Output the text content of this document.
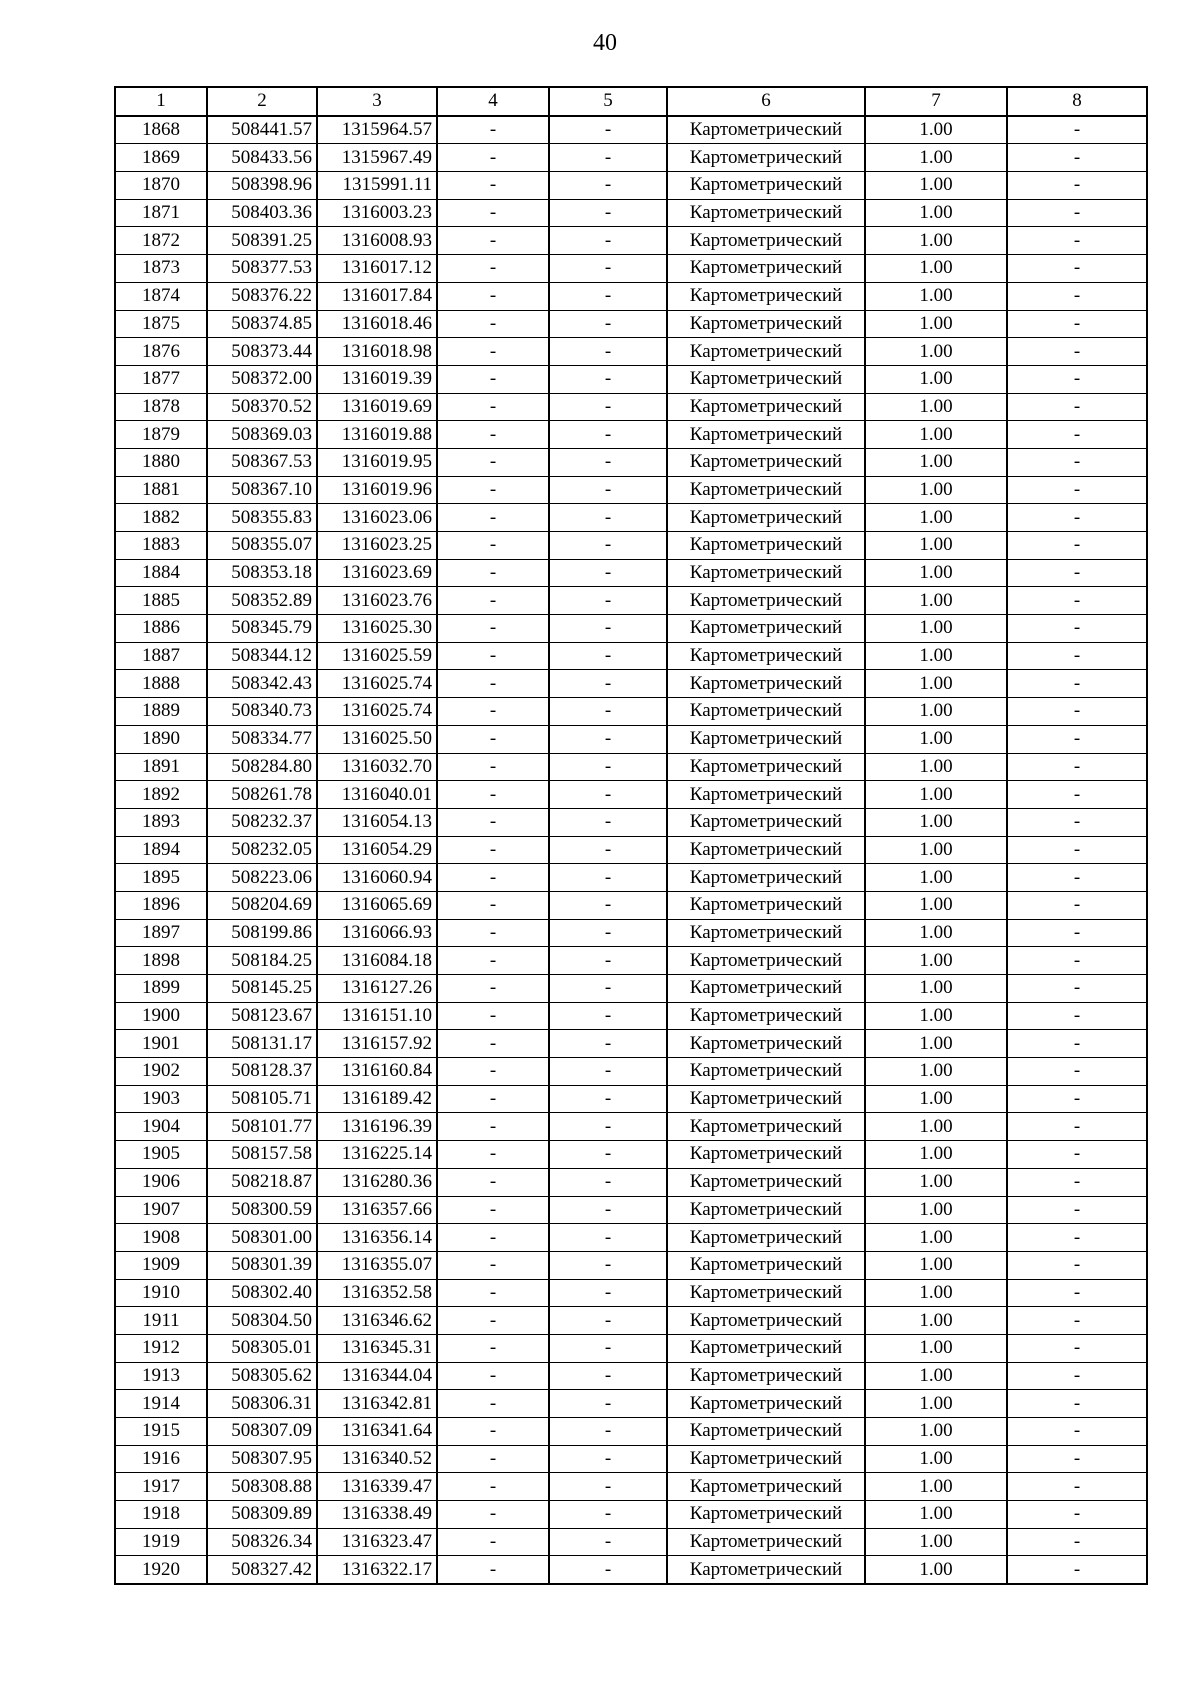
40
1	2	3	4	5	6	7	8
1868	508441.57	1315964.57	-	-	Картометрический	1.00	-
1869	508433.56	1315967.49	-	-	Картометрический	1.00	-
1870	508398.96	1315991.11	-	-	Картометрический	1.00	-
1871	508403.36	1316003.23	-	-	Картометрический	1.00	-
1872	508391.25	1316008.93	-	-	Картометрический	1.00	-
1873	508377.53	1316017.12	-	-	Картометрический	1.00	-
1874	508376.22	1316017.84	-	-	Картометрический	1.00	-
1875	508374.85	1316018.46	-	-	Картометрический	1.00	-
1876	508373.44	1316018.98	-	-	Картометрический	1.00	-
1877	508372.00	1316019.39	-	-	Картометрический	1.00	-
1878	508370.52	1316019.69	-	-	Картометрический	1.00	-
1879	508369.03	1316019.88	-	-	Картометрический	1.00	-
1880	508367.53	1316019.95	-	-	Картометрический	1.00	-
1881	508367.10	1316019.96	-	-	Картометрический	1.00	-
1882	508355.83	1316023.06	-	-	Картометрический	1.00	-
1883	508355.07	1316023.25	-	-	Картометрический	1.00	-
1884	508353.18	1316023.69	-	-	Картометрический	1.00	-
1885	508352.89	1316023.76	-	-	Картометрический	1.00	-
1886	508345.79	1316025.30	-	-	Картометрический	1.00	-
1887	508344.12	1316025.59	-	-	Картометрический	1.00	-
1888	508342.43	1316025.74	-	-	Картометрический	1.00	-
1889	508340.73	1316025.74	-	-	Картометрический	1.00	-
1890	508334.77	1316025.50	-	-	Картометрический	1.00	-
1891	508284.80	1316032.70	-	-	Картометрический	1.00	-
1892	508261.78	1316040.01	-	-	Картометрический	1.00	-
1893	508232.37	1316054.13	-	-	Картометрический	1.00	-
1894	508232.05	1316054.29	-	-	Картометрический	1.00	-
1895	508223.06	1316060.94	-	-	Картометрический	1.00	-
1896	508204.69	1316065.69	-	-	Картометрический	1.00	-
1897	508199.86	1316066.93	-	-	Картометрический	1.00	-
1898	508184.25	1316084.18	-	-	Картометрический	1.00	-
1899	508145.25	1316127.26	-	-	Картометрический	1.00	-
1900	508123.67	1316151.10	-	-	Картометрический	1.00	-
1901	508131.17	1316157.92	-	-	Картометрический	1.00	-
1902	508128.37	1316160.84	-	-	Картометрический	1.00	-
1903	508105.71	1316189.42	-	-	Картометрический	1.00	-
1904	508101.77	1316196.39	-	-	Картометрический	1.00	-
1905	508157.58	1316225.14	-	-	Картометрический	1.00	-
1906	508218.87	1316280.36	-	-	Картометрический	1.00	-
1907	508300.59	1316357.66	-	-	Картометрический	1.00	-
1908	508301.00	1316356.14	-	-	Картометрический	1.00	-
1909	508301.39	1316355.07	-	-	Картометрический	1.00	-
1910	508302.40	1316352.58	-	-	Картометрический	1.00	-
1911	508304.50	1316346.62	-	-	Картометрический	1.00	-
1912	508305.01	1316345.31	-	-	Картометрический	1.00	-
1913	508305.62	1316344.04	-	-	Картометрический	1.00	-
1914	508306.31	1316342.81	-	-	Картометрический	1.00	-
1915	508307.09	1316341.64	-	-	Картометрический	1.00	-
1916	508307.95	1316340.52	-	-	Картометрический	1.00	-
1917	508308.88	1316339.47	-	-	Картометрический	1.00	-
1918	508309.89	1316338.49	-	-	Картометрический	1.00	-
1919	508326.34	1316323.47	-	-	Картометрический	1.00	-
1920	508327.42	1316322.17	-	-	Картометрический	1.00	-
